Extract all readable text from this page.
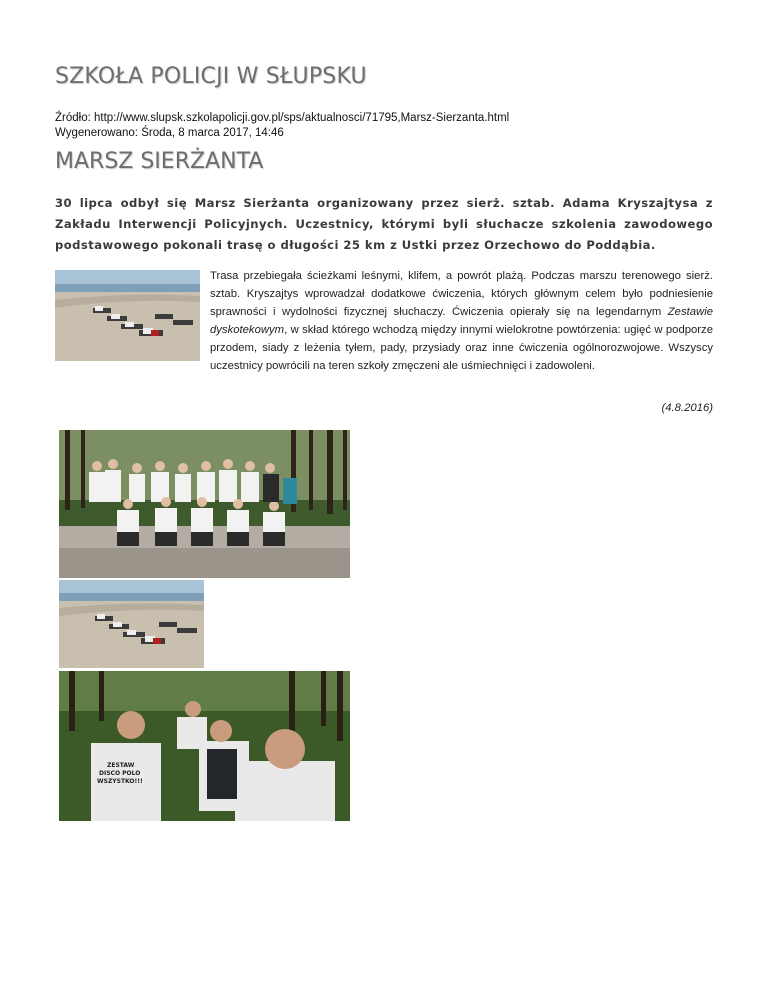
SZKOŁA POLICJI W SŁUPSKU
Źródło: http://www.slupsk.szkolapolicji.gov.pl/sps/aktualnosci/71795,Marsz-Sierzanta.html
Wygenerowano: Środa, 8 marca 2017, 14:46
MARSZ SIERŻANTA

30 lipca odbył się Marsz Sierżanta organizowany przez sierż. sztab. Adama Kryszajtysa z Zakładu Interwencji Policyjnych. Uczestnicy, którymi byli słuchacze szkolenia zawodowego podstawowego pokonali trasę o długości 25 km z Ustki przez Orzechowo do Poddąbia.

Trasa przebiegała ścieżkami leśnymi, klifem, a powrót plażą. Podczas marszu terenowego sierż. sztab. Kryszajtys wprowadzał dodatkowe ćwiczenia, których głównym celem było podniesienie sprawności i wydolności fizycznej słuchaczy. Ćwiczenia opierały się na legendarnym Zestawie dyskotekowym, w skład którego wchodzą między innymi wielokrotne powtórzenia: ugięć w podporze przodem, siady z leżenia tyłem, pady, przysiady oraz inne ćwiczenia ogólnorozwojowe. Wszyscy uczestnicy powrócili na teren szkoły zmęczeni ale uśmiechnięci i zadowoleni.

(4.8.2016)
ZESTAW
DISCO POLO
WSZYSTKO!!!
